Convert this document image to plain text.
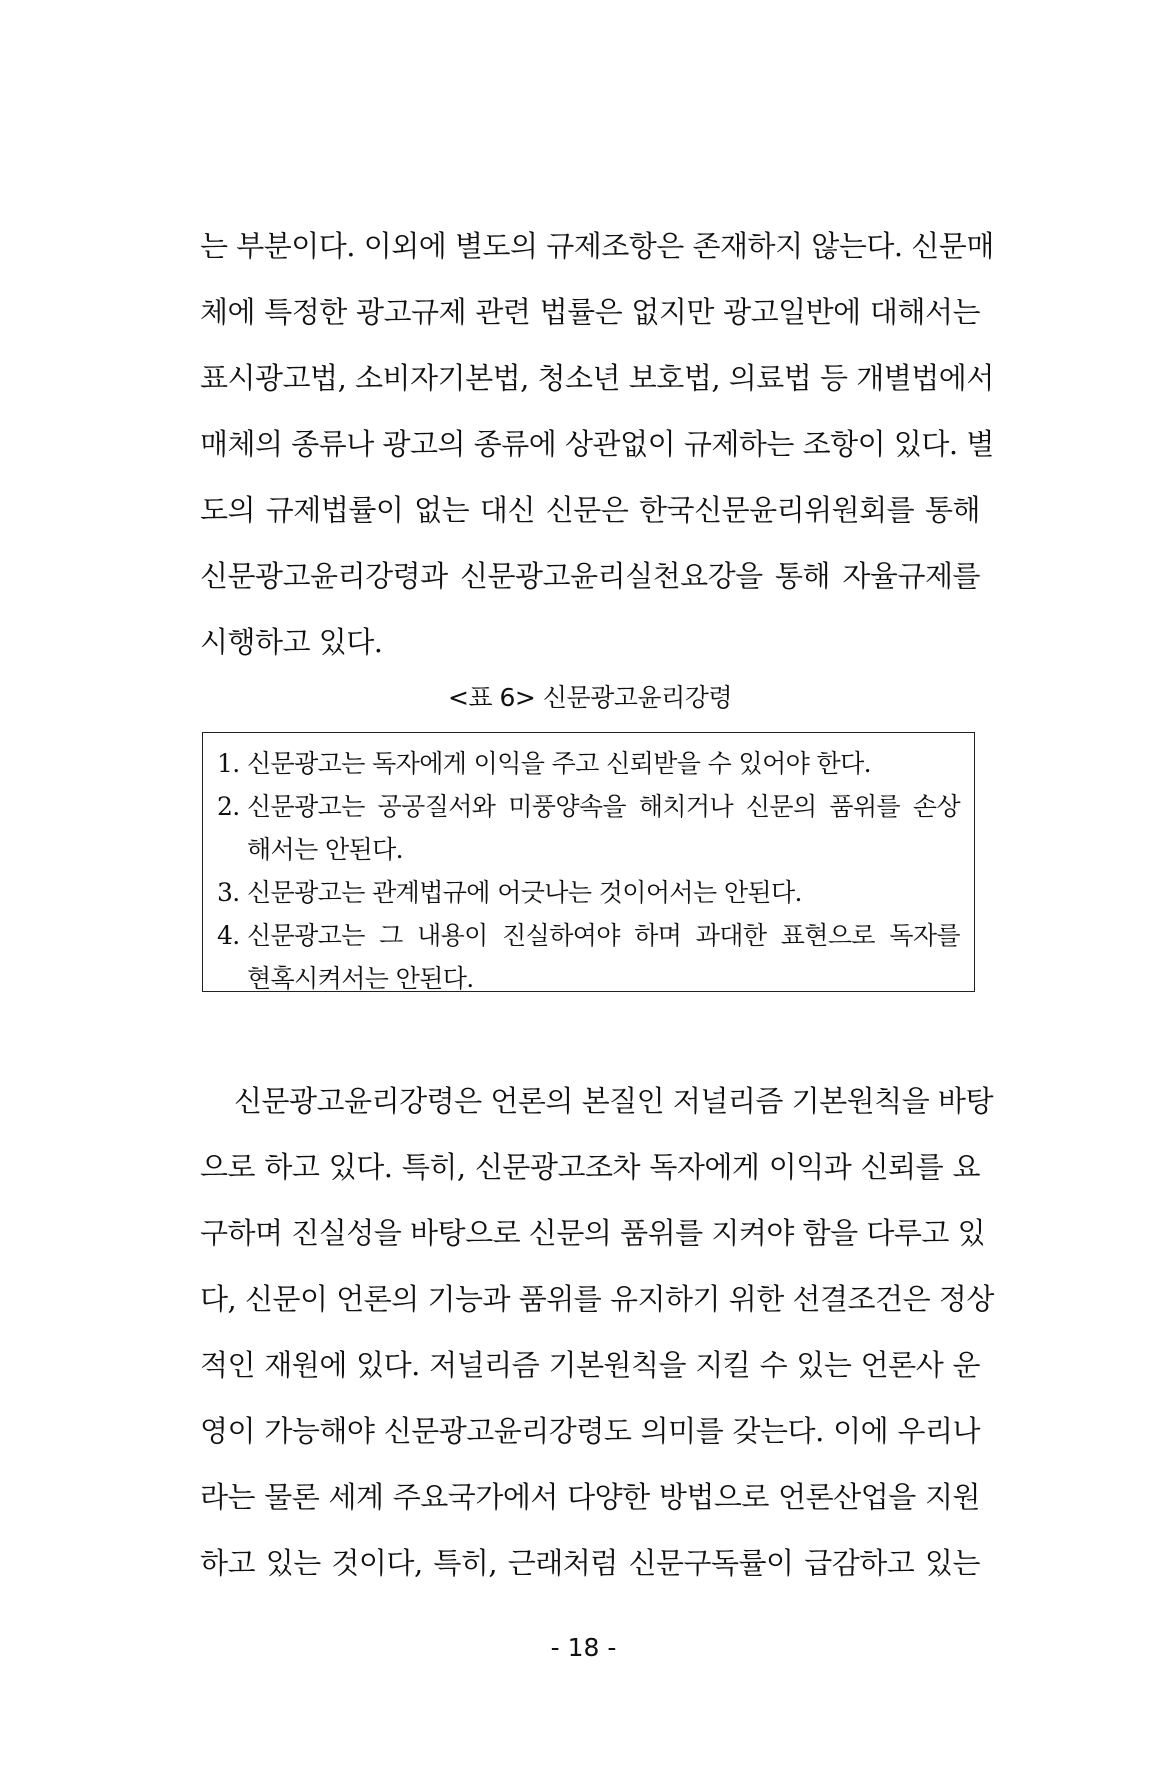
는 부분이다. 이외에 별도의 규제조항은 존재하지 않는다. 신문매
체에 특정한 광고규제 관련 법률은 없지만 광고일반에 대해서는
표시광고법, 소비자기본법, 청소년 보호법, 의료법 등 개별법에서
매체의 종류나 광고의 종류에 상관없이 규제하는 조항이 있다. 별
도의 규제법률이 없는 대신 신문은 한국신문윤리위원회를 통해
신문광고윤리강령과 신문광고윤리실천요강을 통해 자율규제를
시행하고 있다.
<표 6> 신문광고윤리강령
1. 신문광고는 독자에게 이익을 주고 신뢰받을 수 있어야 한다.
2. 신문광고는 공공질서와 미풍양속을 해치거나 신문의 품위를 손상
해서는 안된다.
3. 신문광고는 관계법규에 어긋나는 것이어서는 안된다.
4. 신문광고는 그 내용이 진실하여야 하며 과대한 표현으로 독자를
현혹시켜서는 안된다.
신문광고윤리강령은 언론의 본질인 저널리즘 기본원칙을 바탕
으로 하고 있다. 특히, 신문광고조차 독자에게 이익과 신뢰를 요
구하며 진실성을 바탕으로 신문의 품위를 지켜야 함을 다루고 있
다, 신문이 언론의 기능과 품위를 유지하기 위한 선결조건은 정상
적인 재원에 있다. 저널리즘 기본원칙을 지킬 수 있는 언론사 운
영이 가능해야 신문광고윤리강령도 의미를 갖는다. 이에 우리나
라는 물론 세계 주요국가에서 다양한 방법으로 언론산업을 지원
하고 있는 것이다, 특히, 근래처럼 신문구독률이 급감하고 있는
- 18 -
